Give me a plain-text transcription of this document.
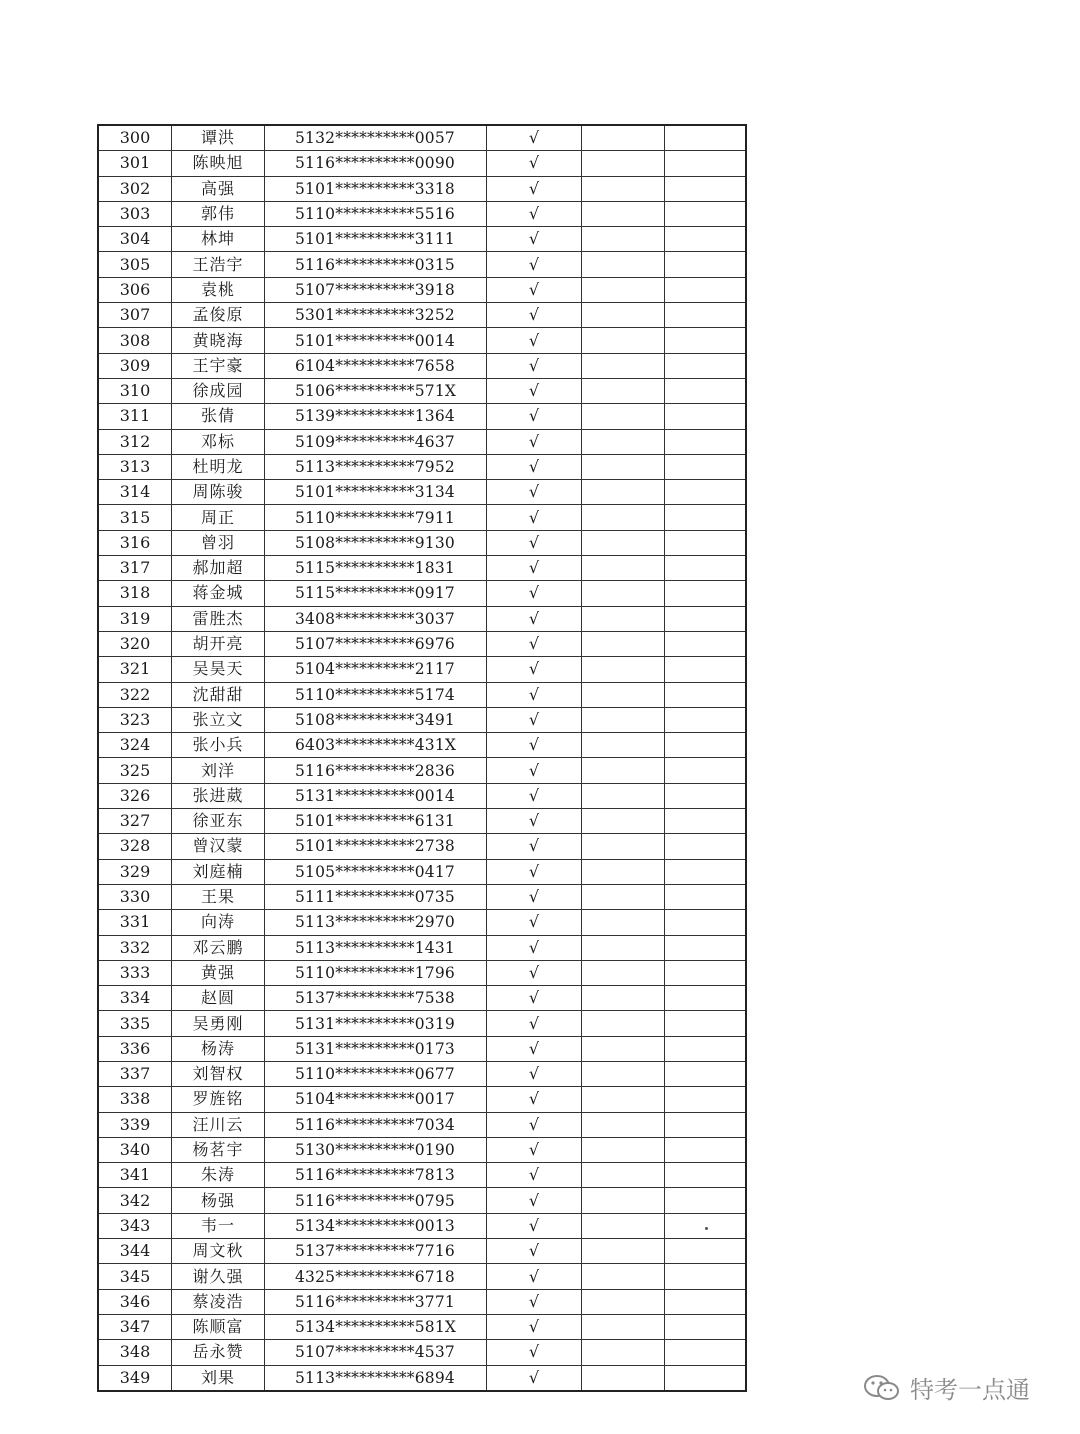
300	谭洪	5132**********0057	√		
301	陈映旭	5116**********0090	√		
302	高强	5101**********3318	√		
303	郭伟	5110**********5516	√		
304	林坤	5101**********3111	√		
305	王浩宇	5116**********0315	√		
306	袁桃	5107**********3918	√		
307	孟俊原	5301**********3252	√		
308	黄晓海	5101**********0014	√		
309	王宇豪	6104**********7658	√		
310	徐成园	5106**********571X	√		
311	张倩	5139**********1364	√		
312	邓标	5109**********4637	√		
313	杜明龙	5113**********7952	√		
314	周陈骏	5101**********3134	√		
315	周正	5110**********7911	√		
316	曾羽	5108**********9130	√		
317	郝加超	5115**********1831	√		
318	蒋金城	5115**********0917	√		
319	雷胜杰	3408**********3037	√		
320	胡开亮	5107**********6976	√		
321	吴昊天	5104**********2117	√		
322	沈甜甜	5110**********5174	√		
323	张立文	5108**********3491	√		
324	张小兵	6403**********431X	√		
325	刘洋	5116**********2836	√		
326	张进葳	5131**********0014	√		
327	徐亚东	5101**********6131	√		
328	曾汉蒙	5101**********2738	√		
329	刘庭楠	5105**********0417	√		
330	王果	5111**********0735	√		
331	向涛	5113**********2970	√		
332	邓云鹏	5113**********1431	√		
333	黄强	5110**********1796	√		
334	赵圆	5137**********7538	√		
335	吴勇刚	5131**********0319	√		
336	杨涛	5131**********0173	√		
337	刘智权	5110**********0677	√		
338	罗旌铭	5104**********0017	√		
339	汪川云	5116**********7034	√		
340	杨茗宇	5130**********0190	√		
341	朱涛	5116**********7813	√		
342	杨强	5116**********0795	√		
343	韦一	5134**********0013	√		
344	周文秋	5137**********7716	√		
345	谢久强	4325**********6718	√		
346	蔡凌浩	5116**********3771	√		
347	陈顺富	5134**********581X	√		
348	岳永赞	5107**********4537	√		
349	刘果	5113**********6894	√			特考一点通
